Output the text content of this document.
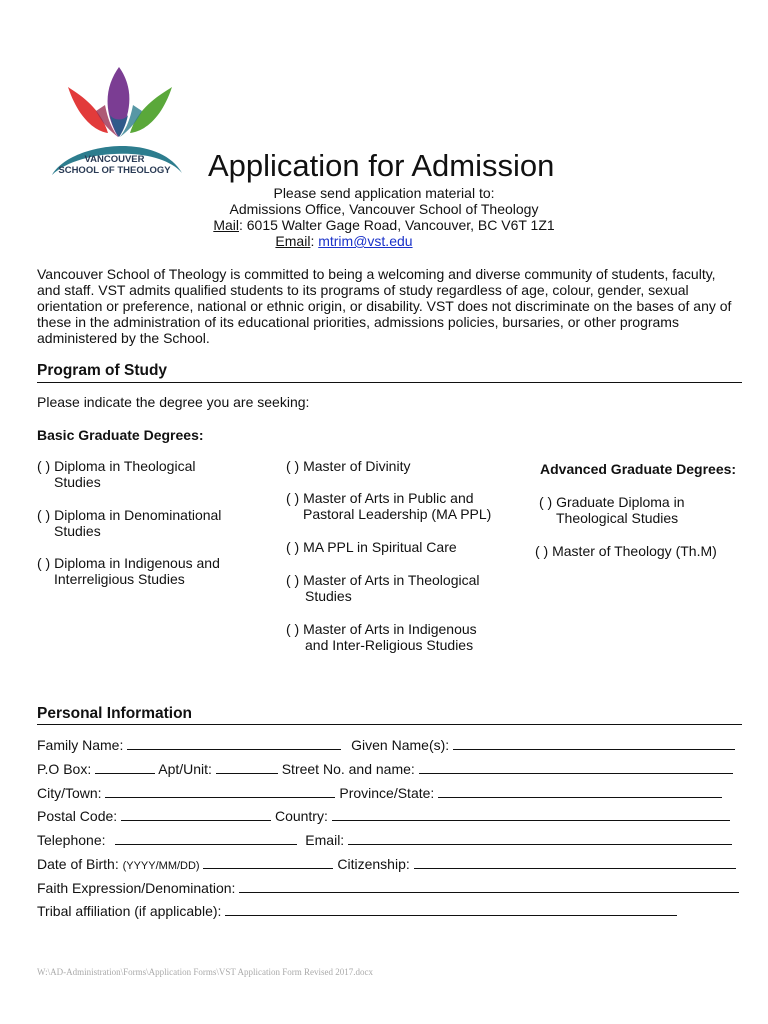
VANCOUVER
SCHOOL OF THEOLOGY Application for Admission
Please send application material to:
Admissions Office, Vancouver School of Theology
Mail: 6015 Walter Gage Road, Vancouver, BC V6T 1Z1
Email: mtrim@vst.edu
Vancouver School of Theology is committed to being a welcoming and diverse community of students, faculty, and staff. VST admits qualified students to its programs of study regardless of age, colour, gender, sexual orientation or preference, national or ethnic origin, or disability. VST does not discriminate on the bases of any of these in the administration of its educational priorities, admissions policies, bursaries, or other programs administered by the School.
Program of Study
Please indicate the degree you are seeking:
Basic Graduate Degrees:
Advanced Graduate Degrees:
( ) Diploma in Theological
Studies
( ) Diploma in Denominational
Studies
( ) Diploma in Indigenous and
Interreligious Studies
( ) Master of Divinity
( ) Master of Arts in Public and
Pastoral Leadership (MA PPL)
( ) MA PPL in Spiritual Care
( ) Master of Arts in Theological
Studies
( ) Master of Arts in Indigenous
and Inter-Religious Studies
( ) Graduate Diploma in
Theological Studies
( ) Master of Theology (Th.M)
Personal Information
Family Name:	Given Name(s):
P.O Box:	Apt/Unit:	Street No. and name:
City/Town:	Province/State:
Postal Code:	Country:
Telephone:	Email:
Date of Birth: (YYYY/MM/DD)	Citizenship:
Faith Expression/Denomination:
Tribal affiliation (if applicable):
W:\AD-Administration\Forms\Application Forms\VST Application Form Revised 2017.docx
